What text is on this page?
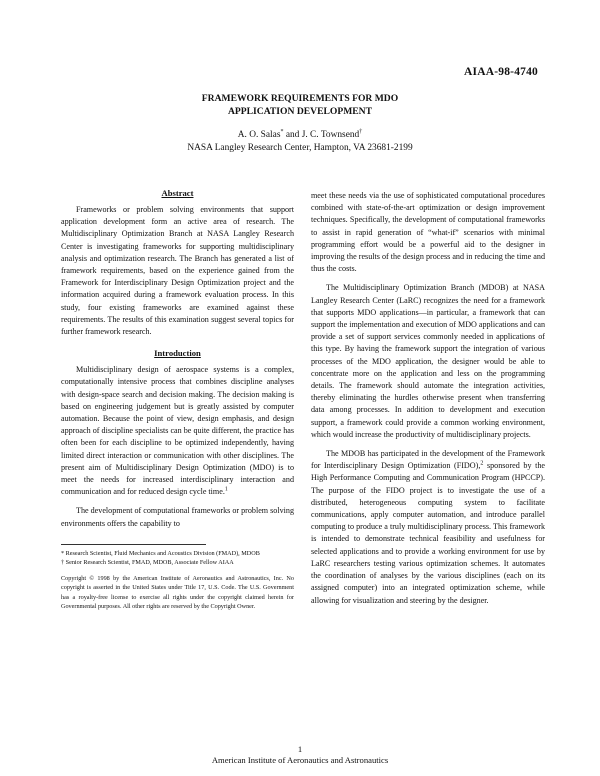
AIAA-98-4740
FRAMEWORK REQUIREMENTS FOR MDO
APPLICATION DEVELOPMENT
A. O. Salas* and J. C. Townsend†
NASA Langley Research Center, Hampton, VA 23681-2199
Abstract

Frameworks or problem solving environments that support application development form an active area of research. The Multidisciplinary Optimization Branch at NASA Langley Research Center is investigating frameworks for supporting multidisciplinary analysis and optimization research. The Branch has generated a list of framework requirements, based on the experience gained from the Framework for Interdisciplinary Design Optimization project and the information acquired during a framework evaluation process. In this study, four existing frameworks are examined against these requirements. The results of this examination suggest several topics for further framework research.

Introduction

Multidisciplinary design of aerospace systems is a complex, computationally intensive process that combines discipline analyses with design-space search and decision making. The decision making is based on engineering judgement but is greatly assisted by computer automation. Because the point of view, design emphasis, and design approach of discipline specialists can be quite different, the practice has often been for each discipline to be optimized independently, having limited direct interaction or communication with other disciplines. The present aim of Multidisciplinary Design Optimization (MDO) is to meet the needs for increased interdisciplinary interaction and communication and for reduced design cycle time.$^1$

The development of computational frameworks or problem solving environments offers the capability to

* Research Scientist, Fluid Mechanics and Acoustics Division (FMAD), MDOB

† Senior Research Scientist, FMAD, MDOB, Associate Fellow AIAA

Copyright © 1998 by the American Institute of Aeronautics and Astronautics, Inc. No copyright is asserted in the United States under Title 17, U.S. Code. The U.S. Government has a royalty-free license to exercise all rights under the copyright claimed herein for Governmental purposes. All other rights are reserved by the Copyright Owner.

meet these needs via the use of sophisticated computational procedures combined with state-of-the-art optimization or design improvement techniques. Specifically, the development of computational frameworks to assist in rapid generation of “what-if” scenarios with minimal programming effort would be a powerful aid to the designer in improving the results of the design process and in reducing the time and thus the costs.

The Multidisciplinary Optimization Branch (MDOB) at NASA Langley Research Center (LaRC) recognizes the need for a framework that supports MDO applications—in particular, a framework that can support the implementation and execution of MDO applications and can provide a set of support services commonly needed in applications of this type. By having the framework support the integration of various processes of the MDO application, the designer would be able to concentrate more on the application and less on the programming details. The framework should automate the integration activities, thereby eliminating the hurdles otherwise present when transferring data among processes. In addition to development and execution support, a framework could provide a common working environment, which would increase the productivity of multidisciplinary projects.

The MDOB has participated in the development of the Framework for Interdisciplinary Design Optimization (FIDO),$^2$ sponsored by the High Performance Computing and Communication Program (HPCCP). The purpose of the FIDO project is to investigate the use of a distributed, heterogeneous computing system to facilitate communications, apply computer automation, and introduce parallel computing to produce a truly multidisciplinary process. This framework is intended to demonstrate technical feasibility and usefulness for selected applications and to provide a working environment for use by LaRC researchers testing various optimization schemes. It automates the coordination of analyses by the various disciplines (each on its assigned computer) into an integrated optimization scheme, while allowing for visualization and steering by the designer.

1
American Institute of Aeronautics and Astronautics
